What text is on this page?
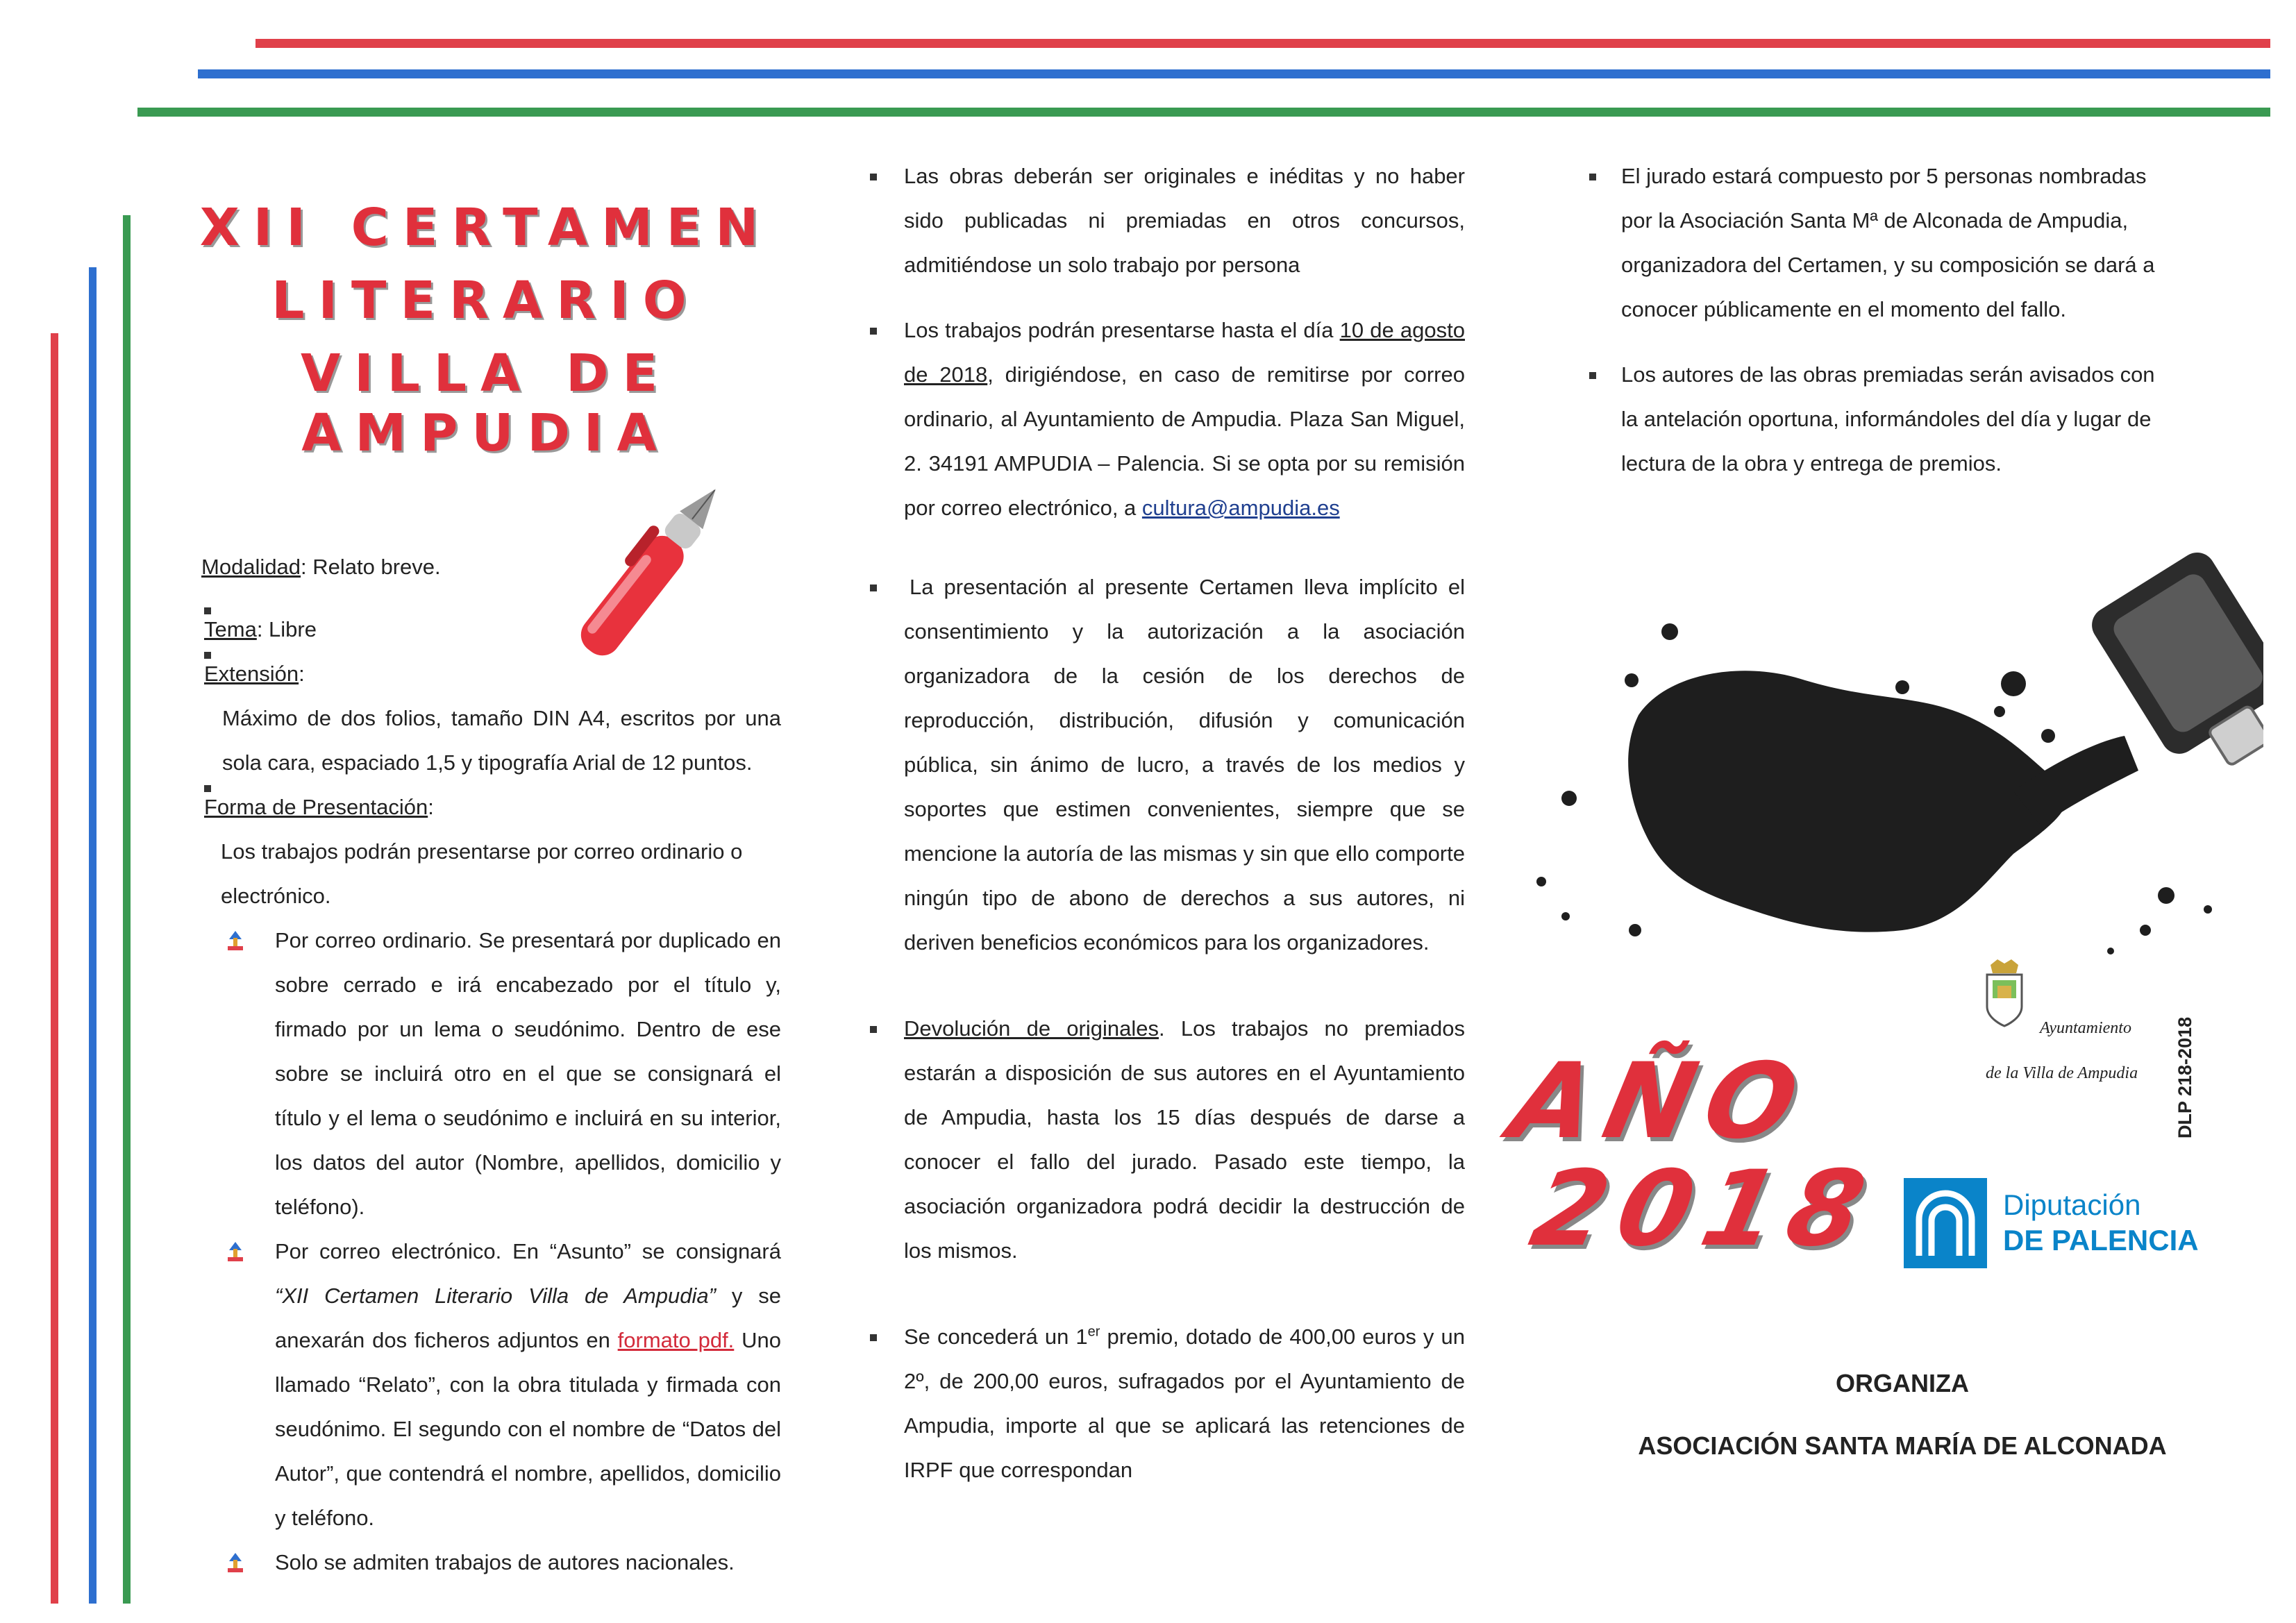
XII CERTAMEN
LITERARIO
VILLA DE AMPUDIA

Modalidad: Relato breve.

Tema: Libre
Extensión:

Máximo de dos folios, tamaño DIN A4, escritos por una sola cara, espaciado 1,5 y tipografía Arial de 12 puntos.

Forma de Presentación:

Los trabajos podrán presentarse por correo ordinario o electrónico.

Por correo ordinario. Se presentará por duplicado en sobre cerrado e irá encabezado por el título y, firmado por un lema o seudónimo. Dentro de ese sobre se incluirá otro en el que se consignará el título y el lema o seudónimo e incluirá en su interior, los datos del autor (Nombre, apellidos, domicilio y teléfono).

Por correo electrónico. En “Asunto” se consignará “XII Certamen Literario Villa de Ampudia” y se anexarán dos ficheros adjuntos en formato pdf. Uno llamado “Relato”, con la obra titulada y firmada con seudónimo. El segundo con el nombre de “Datos del Autor”, que contendrá el nombre, apellidos, domicilio y teléfono.

Solo se admiten trabajos de autores nacionales.

Las obras deberán ser originales e inéditas y no haber sido publicadas ni premiadas en otros concursos, admitiéndose un solo trabajo por persona

Los trabajos podrán presentarse hasta el día 10 de agosto de 2018, dirigiéndose, en caso de remitirse por correo ordinario, al Ayuntamiento de Ampudia. Plaza San Miguel, 2. 34191 AMPUDIA – Palencia. Si se opta por su remisión por correo electrónico, a cultura@ampudia.es

La presentación al presente Certamen lleva implícito el consentimiento y la autorización a la asociación organizadora de la cesión de los derechos de reproducción, distribución, difusión y comunicación pública, sin ánimo de lucro, a través de los medios y soportes que estimen convenientes, siempre que se mencione la autoría de las mismas y sin que ello comporte ningún tipo de abono de derechos a sus autores, ni deriven beneficios económicos para los organizadores.

Devolución de originales. Los trabajos no premiados estarán a disposición de sus autores en el Ayuntamiento de Ampudia, hasta los 15 días después de darse a conocer el fallo del jurado. Pasado este tiempo, la asociación organizadora podrá decidir la destrucción de los mismos.

Se concederá un 1er premio, dotado de 400,00 euros y un 2º, de 200,00 euros, sufragados por el Ayuntamiento de Ampudia, importe al que se aplicará las retenciones de IRPF que correspondan

El jurado estará compuesto por 5 personas nombradas por la Asociación Santa Mª de Alconada de Ampudia, organizadora del Certamen, y su composición se dará a conocer públicamente en el momento del fallo.

Los autores de las obras premiadas serán avisados con la antelación oportuna, informándoles del día y lugar de lectura de la obra y entrega de premios.

AÑO
2018
Ayuntamiento
de la Villa de Ampudia
Diputación
DE PALENCIA
DLP 218-2018
ORGANIZA
ASOCIACIÓN SANTA MARÍA DE ALCONADA
